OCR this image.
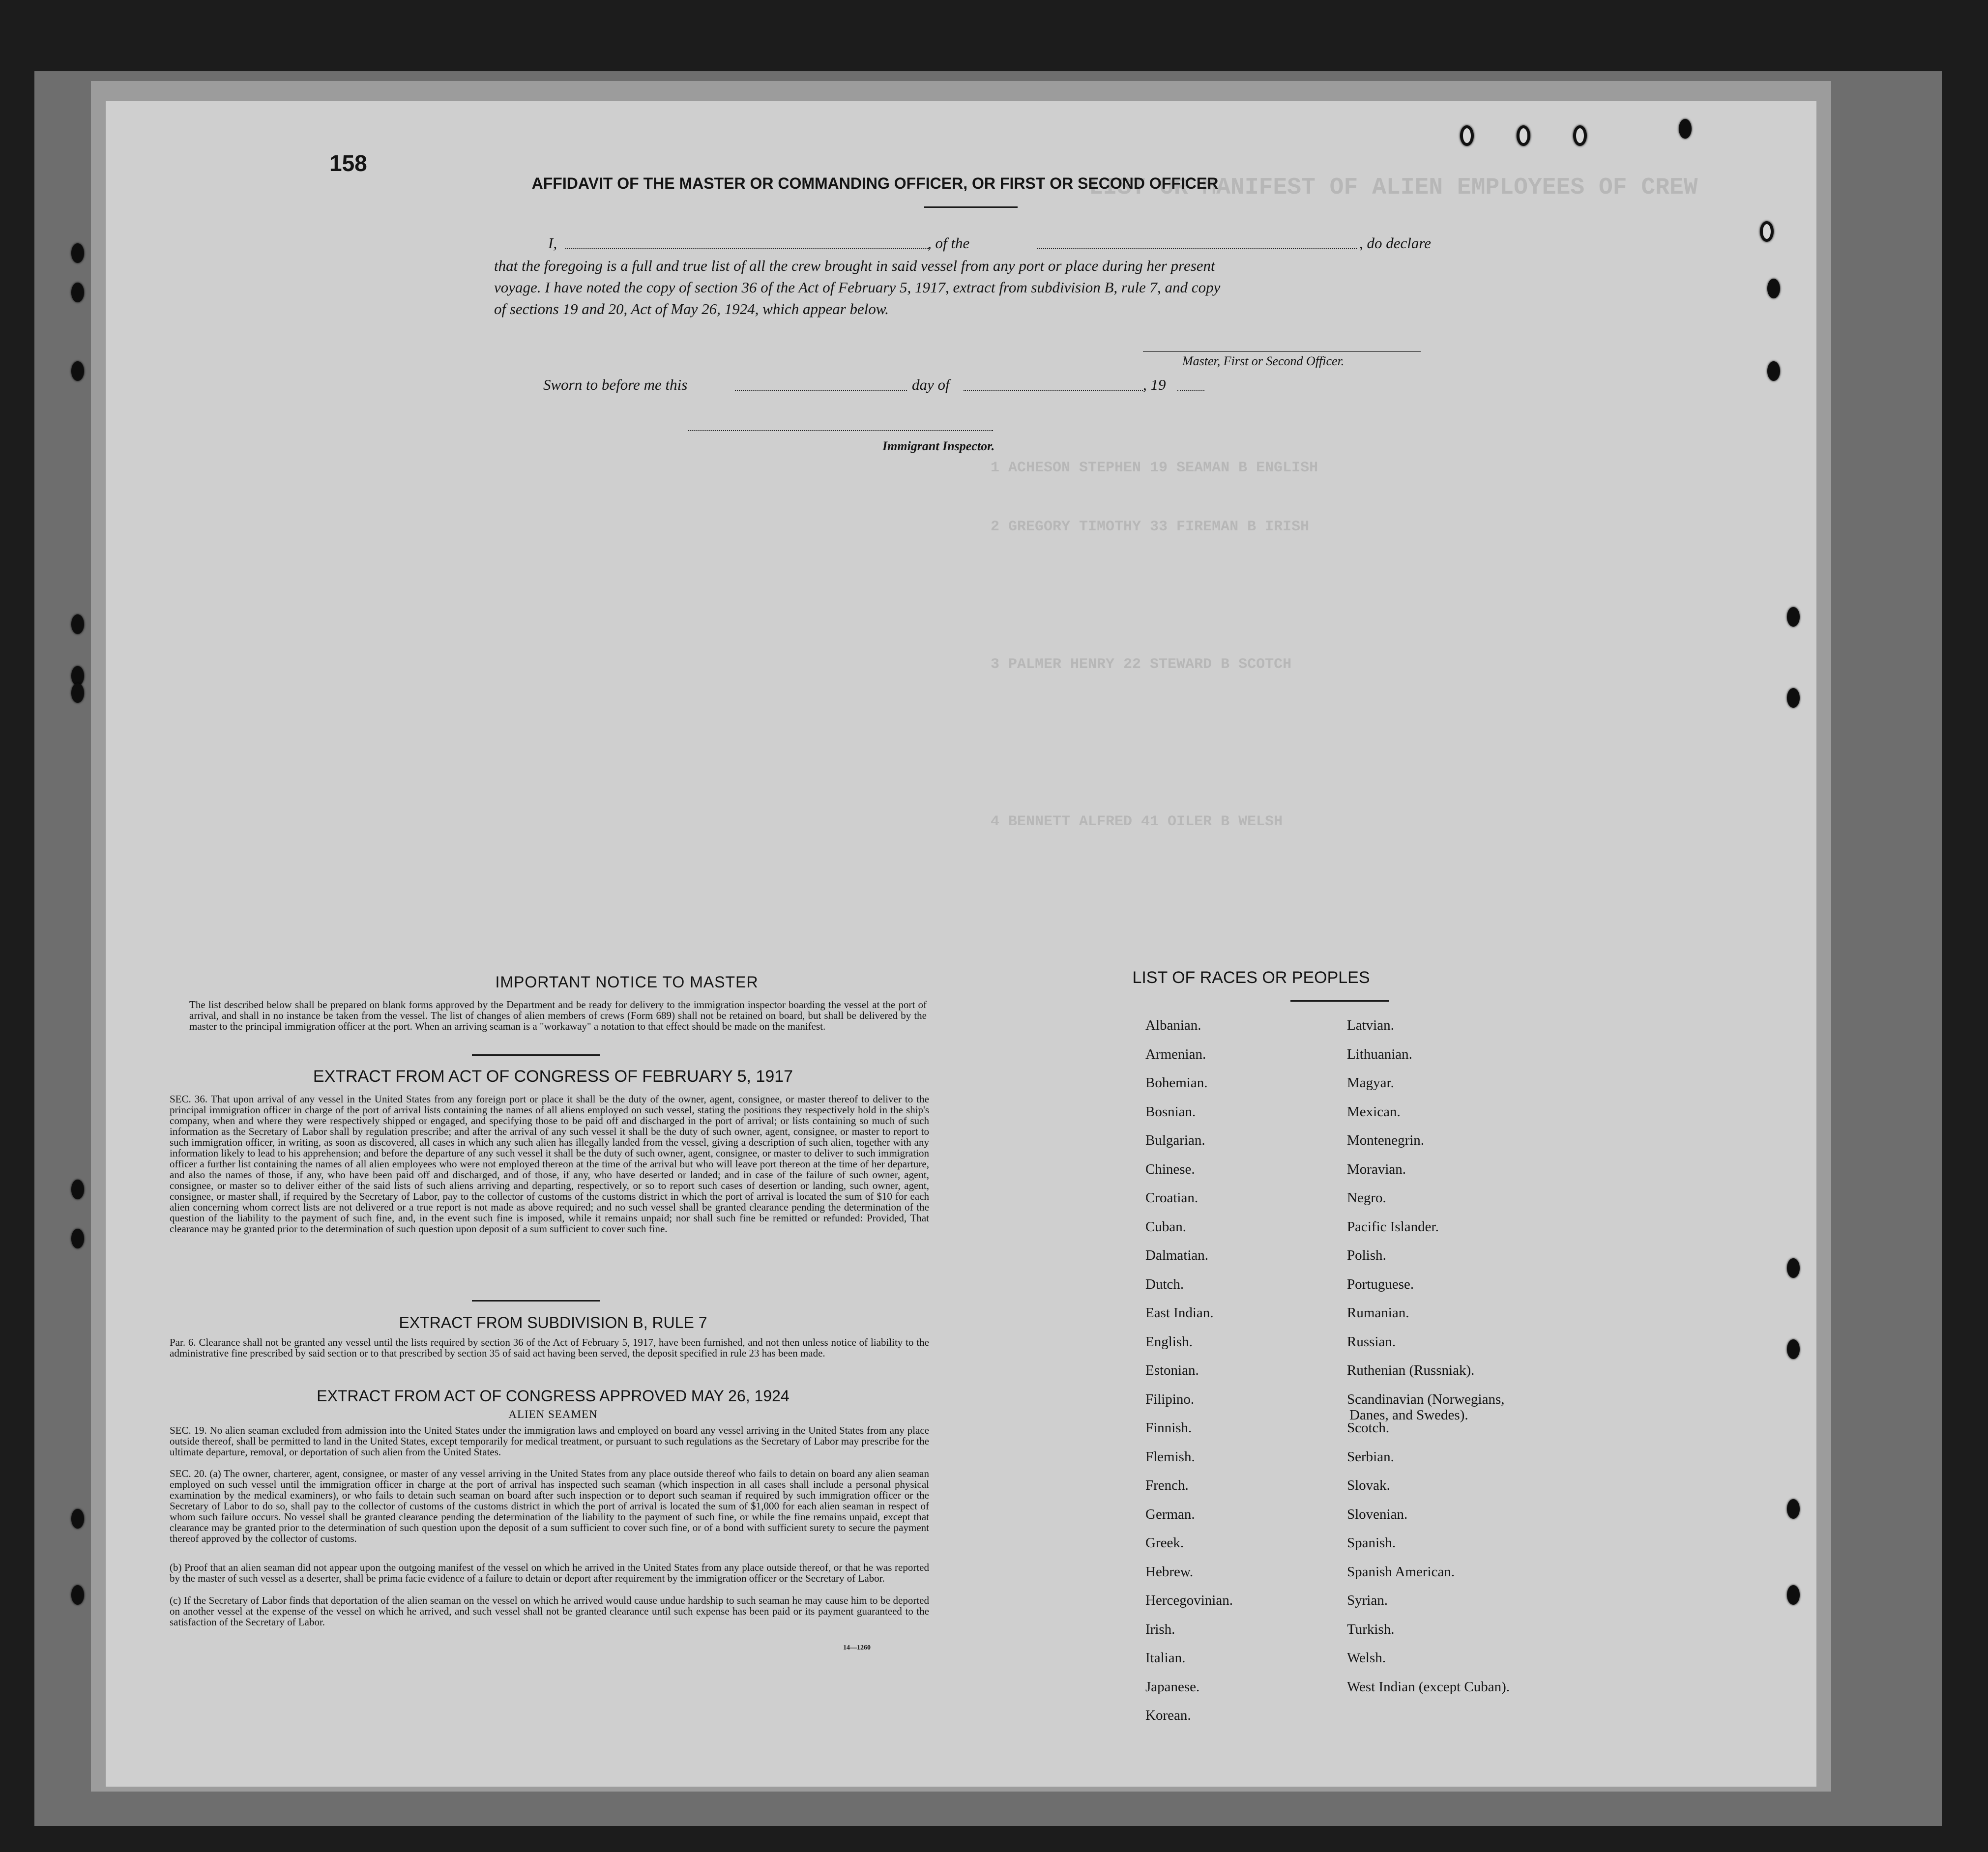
LIST OR MANIFEST OF ALIEN EMPLOYEES OF CREW
1 ACHESON STEPHEN 19 SEAMAN B ENGLISH
2 GREGORY TIMOTHY 33 FIREMAN B IRISH
3 PALMER HENRY 22 STEWARD B SCOTCH
4 BENNETT ALFRED 41 OILER B WELSH
158
AFFIDAVIT OF THE MASTER OR COMMANDING OFFICER, OR FIRST OR SECOND OFFICER
I,	, of the	, do declare
that the foregoing is a full and true list of all the crew brought in said vessel from any port or place during her present
voyage. I have noted the copy of section 36 of the Act of February 5, 1917, extract from subdivision B, rule 7, and copy
of sections 19 and 20, Act of May 26, 1924, which appear below.
Master, First or Second Officer.
Sworn to before me this	day of	, 19
Immigrant Inspector.
IMPORTANT NOTICE TO MASTER
The list described below shall be prepared on blank forms approved by the Department and be ready for delivery to the immigration inspector boarding the vessel at the port of arrival, and shall in no instance be taken from the vessel. The list of changes of alien members of crews (Form 689) shall not be retained on board, but shall be delivered by the master to the principal immigration officer at the port. When an arriving seaman is a "workaway" a notation to that effect should be made on the manifest.
EXTRACT FROM ACT OF CONGRESS OF FEBRUARY 5, 1917
SEC. 36. That upon arrival of any vessel in the United States from any foreign port or place it shall be the duty of the owner, agent, consignee, or master thereof to deliver to the principal immigration officer in charge of the port of arrival lists containing the names of all aliens employed on such vessel, stating the positions they respectively hold in the ship's company, when and where they were respectively shipped or engaged, and specifying those to be paid off and discharged in the port of arrival; or lists containing so much of such information as the Secretary of Labor shall by regulation prescribe; and after the arrival of any such vessel it shall be the duty of such owner, agent, consignee, or master to report to such immigration officer, in writing, as soon as discovered, all cases in which any such alien has illegally landed from the vessel, giving a description of such alien, together with any information likely to lead to his apprehension; and before the departure of any such vessel it shall be the duty of such owner, agent, consignee, or master to deliver to such immigration officer a further list containing the names of all alien employees who were not employed thereon at the time of the arrival but who will leave port thereon at the time of her departure, and also the names of those, if any, who have been paid off and discharged, and of those, if any, who have deserted or landed; and in case of the failure of such owner, agent, consignee, or master so to deliver either of the said lists of such aliens arriving and departing, respectively, or so to report such cases of desertion or landing, such owner, agent, consignee, or master shall, if required by the Secretary of Labor, pay to the collector of customs of the customs district in which the port of arrival is located the sum of $10 for each alien concerning whom correct lists are not delivered or a true report is not made as above required; and no such vessel shall be granted clearance pending the determination of the question of the liability to the payment of such fine, and, in the event such fine is imposed, while it remains unpaid; nor shall such fine be remitted or refunded: Provided, That clearance may be granted prior to the determination of such question upon deposit of a sum sufficient to cover such fine.
EXTRACT FROM SUBDIVISION B, RULE 7
Par. 6. Clearance shall not be granted any vessel until the lists required by section 36 of the Act of February 5, 1917, have been furnished, and not then unless notice of liability to the administrative fine prescribed by said section or to that prescribed by section 35 of said act having been served, the deposit specified in rule 23 has been made.
EXTRACT FROM ACT OF CONGRESS APPROVED MAY 26, 1924
ALIEN SEAMEN
SEC. 19. No alien seaman excluded from admission into the United States under the immigration laws and employed on board any vessel arriving in the United States from any place outside thereof, shall be permitted to land in the United States, except temporarily for medical treatment, or pursuant to such regulations as the Secretary of Labor may prescribe for the ultimate departure, removal, or deportation of such alien from the United States.
SEC. 20. (a) The owner, charterer, agent, consignee, or master of any vessel arriving in the United States from any place outside thereof who fails to detain on board any alien seaman employed on such vessel until the immigration officer in charge at the port of arrival has inspected such seaman (which inspection in all cases shall include a personal physical examination by the medical examiners), or who fails to detain such seaman on board after such inspection or to deport such seaman if required by such immigration officer or the Secretary of Labor to do so, shall pay to the collector of customs of the customs district in which the port of arrival is located the sum of $1,000 for each alien seaman in respect of whom such failure occurs. No vessel shall be granted clearance pending the determination of the liability to the payment of such fine, or while the fine remains unpaid, except that clearance may be granted prior to the determination of such question upon the deposit of a sum sufficient to cover such fine, or of a bond with sufficient surety to secure the payment thereof approved by the collector of customs.
(b) Proof that an alien seaman did not appear upon the outgoing manifest of the vessel on which he arrived in the United States from any place outside thereof, or that he was reported by the master of such vessel as a deserter, shall be prima facie evidence of a failure to detain or deport after requirement by the immigration officer or the Secretary of Labor.
(c) If the Secretary of Labor finds that deportation of the alien seaman on the vessel on which he arrived would cause undue hardship to such seaman he may cause him to be deported on another vessel at the expense of the vessel on which he arrived, and such vessel shall not be granted clearance until such expense has been paid or its payment guaranteed to the satisfaction of the Secretary of Labor.
14—1260
LIST OF RACES OR PEOPLES
Albanian.
Armenian.
Bohemian.
Bosnian.
Bulgarian.
Chinese.
Croatian.
Cuban.
Dalmatian.
Dutch.
East Indian.
English.
Estonian.
Filipino.
Finnish.
Flemish.
French.
German.
Greek.
Hebrew.
Hercegovinian.
Irish.
Italian.
Japanese.
Korean.
Latvian.
Lithuanian.
Magyar.
Mexican.
Montenegrin.
Moravian.
Negro.
Pacific Islander.
Polish.
Portuguese.
Rumanian.
Russian.
Ruthenian (Russniak).
Scandinavian (Norwegians,
Danes, and Swedes).
Scotch.
Serbian.
Slovak.
Slovenian.
Spanish.
Spanish American.
Syrian.
Turkish.
Welsh.
West Indian (except Cuban).
